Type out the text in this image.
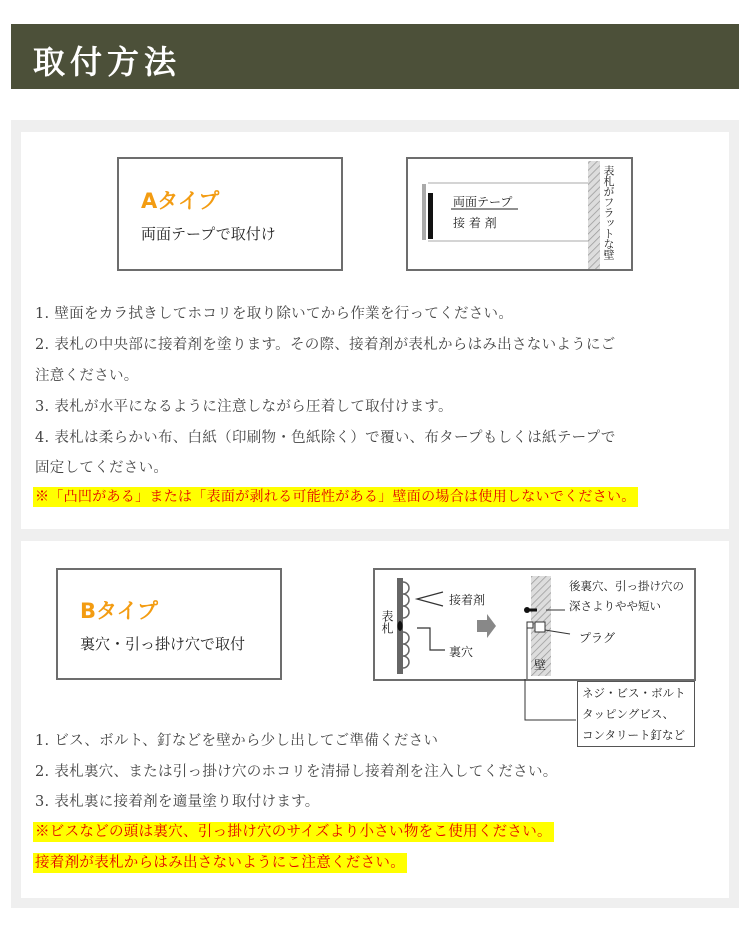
取付方法
Aタイプ
両面テープで取付け
両面テープ
接 着 剤	表札がフラットな壁
1. 壁面をカラ拭きしてホコリを取り除いてから作業を行ってください。
2. 表札の中央部に接着剤を塗ります。その際、接着剤が表札からはみ出さないようにご
注意ください。
3. 表札が水平になるように注意しながら圧着して取付けます。
4. 表札は柔らかい布、白紙（印刷物・色紙除く）で覆い、布タープもしくは紙テープで
固定してください。
※「凸凹がある」または「表面が剥れる可能性がある」壁面の場合は使用しないでください。
Bタイプ
裏穴・引っ掛け穴で取付
表札
接着剤
裏穴
壁
後裏穴、引っ掛け穴の
深さよりやや短い
プラグ
ネジ・ビス・ボルト
タッピングビス、
コンタリート釘など
1. ビス、ボルト、釘などを壁から少し出してご準備ください
2. 表札裏穴、または引っ掛け穴のホコリを清掃し接着剤を注入してください。
3. 表札裏に接着剤を適量塗り取付けます。
※ビスなどの頭は裏穴、引っ掛け穴のサイズより小さい物をこ使用ください。
接着剤が表札からはみ出さないようにこ注意ください。
